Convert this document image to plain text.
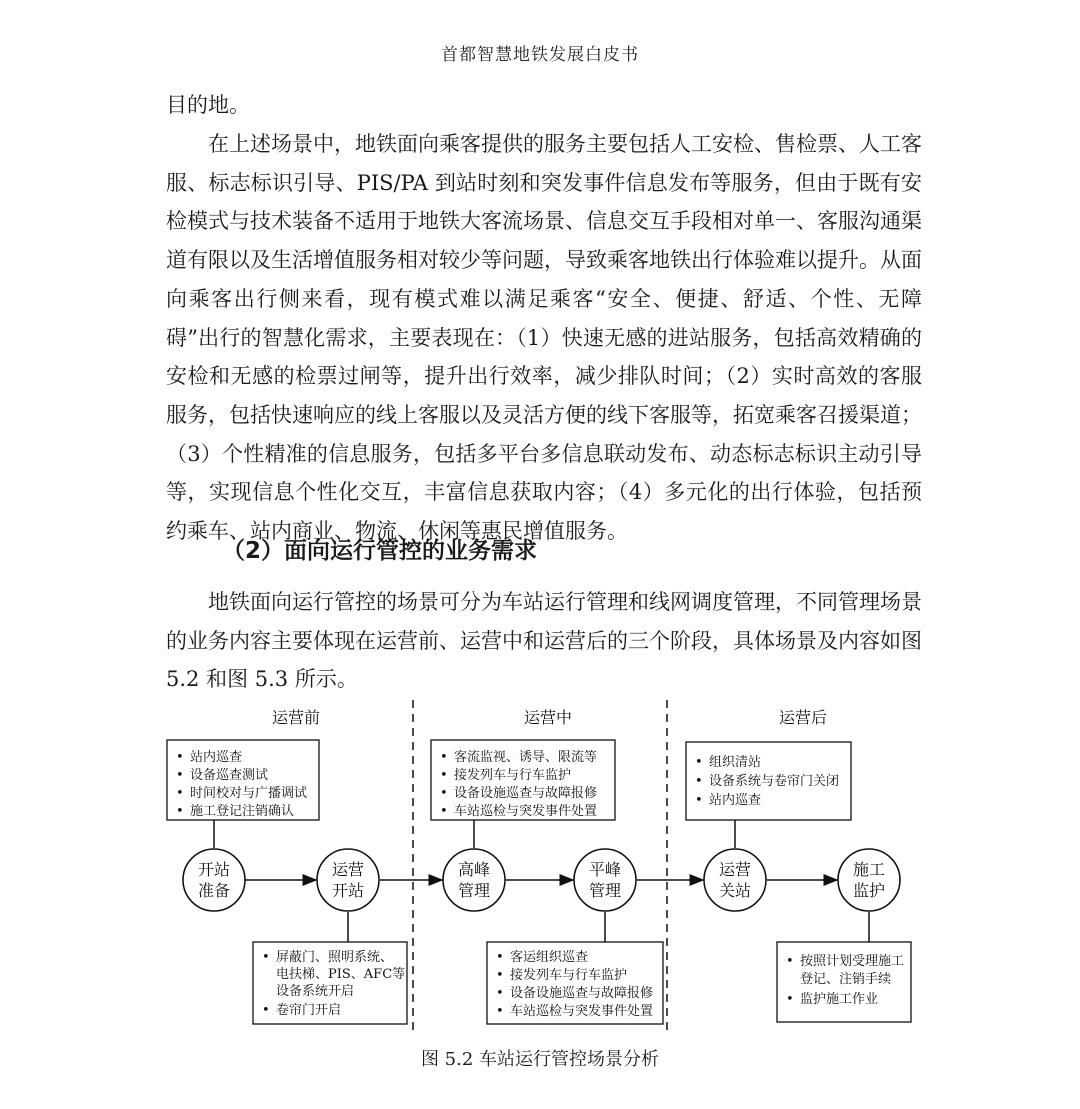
首都智慧地铁发展白皮书

目的地。

在上述场景中，地铁面向乘客提供的服务主要包括人工安检、售检票、人工客服、标志标识引导、PIS/PA 到站时刻和突发事件信息发布等服务，但由于既有安检模式与技术装备不适用于地铁大客流场景、信息交互手段相对单一、客服沟通渠道有限以及生活增值服务相对较少等问题，导致乘客地铁出行体验难以提升。从面向乘客出行侧来看，现有模式难以满足乘客“安全、便捷、舒适、个性、无障碍”出行的智慧化需求，主要表现在：（1）快速无感的进站服务，包括高效精确的安检和无感的检票过闸等，提升出行效率，减少排队时间；（2）实时高效的客服服务，包括快速响应的线上客服以及灵活方便的线下客服等，拓宽乘客召援渠道；（3）个性精准的信息服务，包括多平台多信息联动发布、动态标志标识主动引导等，实现信息个性化交互，丰富信息获取内容；（4）多元化的出行体验，包括预约乘车、站内商业、物流、休闲等惠民增值服务。

（2）面向运行管控的业务需求

地铁面向运行管控的场景可分为车站运行管理和线网调度管理，不同管理场景的业务内容主要体现在运营前、运营中和运营后的三个阶段，具体场景及内容如图 5.2 和图 5.3 所示。

运营前	运营中	运营后
开站
准备
运营
开站
高峰
管理
平峰
管理
运营
关站
施工
监护
• 站内巡查
• 设备巡查测试
• 时间校对与广播调试
• 施工登记注销确认
• 屏蔽门、照明系统、
电扶梯、PIS、AFC等
设备系统开启
• 卷帘门开启
• 客流监视、诱导、限流等
• 接发列车与行车监护
• 设备设施巡查与故障报修
• 车站巡检与突发事件处置
• 客运组织巡查
• 接发列车与行车监护
• 设备设施巡查与故障报修
• 车站巡检与突发事件处置
• 组织清站
• 设备系统与卷帘门关闭
• 站内巡查
• 按照计划受理施工
登记、注销手续
• 监护施工作业
图 5.2 车站运行管控场景分析
